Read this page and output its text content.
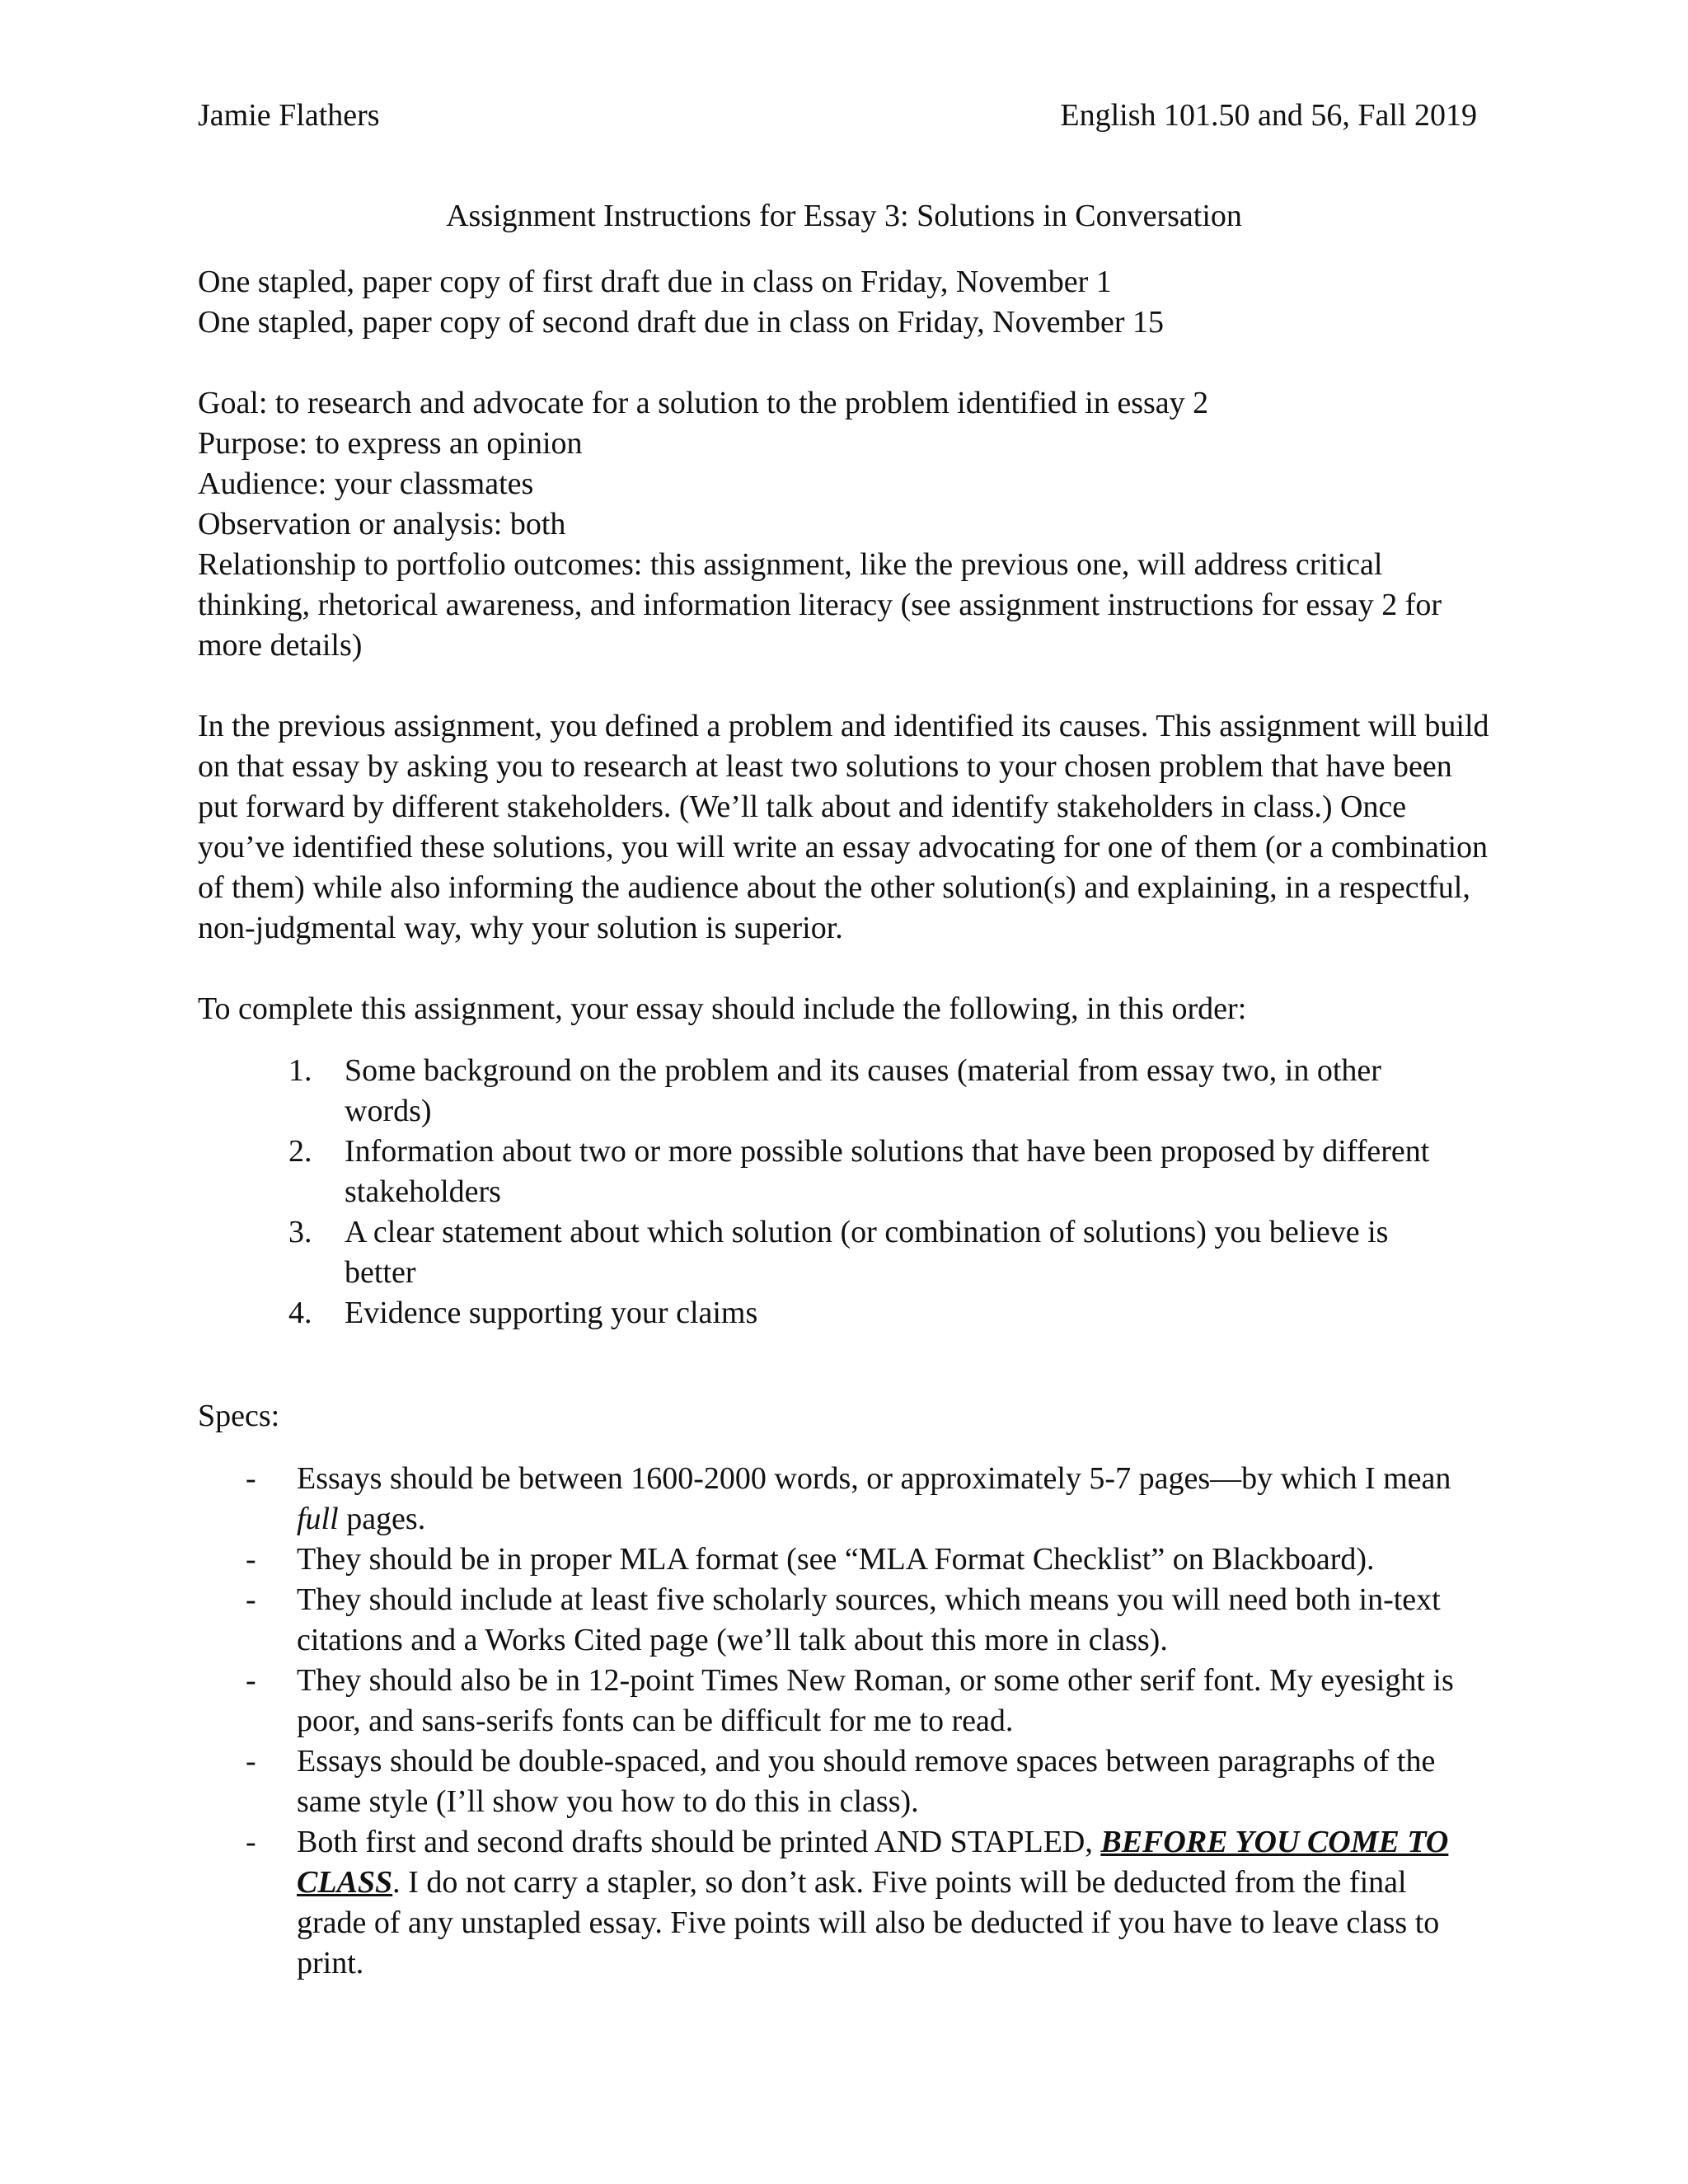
Jamie Flathers	English 101.50 and 56, Fall 2019
Assignment Instructions for Essay 3: Solutions in Conversation
One stapled, paper copy of first draft due in class on Friday, November 1
One stapled, paper copy of second draft due in class on Friday, November 15
Goal: to research and advocate for a solution to the problem identified in essay 2
Purpose: to express an opinion
Audience: your classmates
Observation or analysis: both
Relationship to portfolio outcomes: this assignment, like the previous one, will address critical thinking, rhetorical awareness, and information literacy (see assignment instructions for essay 2 for more details)
In the previous assignment, you defined a problem and identified its causes. This assignment will build on that essay by asking you to research at least two solutions to your chosen problem that have been put forward by different stakeholders. (We’ll talk about and identify stakeholders in class.) Once you’ve identified these solutions, you will write an essay advocating for one of them (or a combination of them) while also informing the audience about the other solution(s) and explaining, in a respectful, non-judgmental way, why your solution is superior.
To complete this assignment, your essay should include the following, in this order:
1. Some background on the problem and its causes (material from essay two, in other words)
2. Information about two or more possible solutions that have been proposed by different stakeholders
3. A clear statement about which solution (or combination of solutions) you believe is better
4. Evidence supporting your claims
Specs:
- Essays should be between 1600-2000 words, or approximately 5-7 pages—by which I mean full pages.
- They should be in proper MLA format (see “MLA Format Checklist” on Blackboard).
- They should include at least five scholarly sources, which means you will need both in-text citations and a Works Cited page (we’ll talk about this more in class).
- They should also be in 12-point Times New Roman, or some other serif font. My eyesight is poor, and sans-serifs fonts can be difficult for me to read.
- Essays should be double-spaced, and you should remove spaces between paragraphs of the same style (I’ll show you how to do this in class).
- Both first and second drafts should be printed AND STAPLED, BEFORE YOU COME TO CLASS. I do not carry a stapler, so don’t ask. Five points will be deducted from the final grade of any unstapled essay. Five points will also be deducted if you have to leave class to print.
